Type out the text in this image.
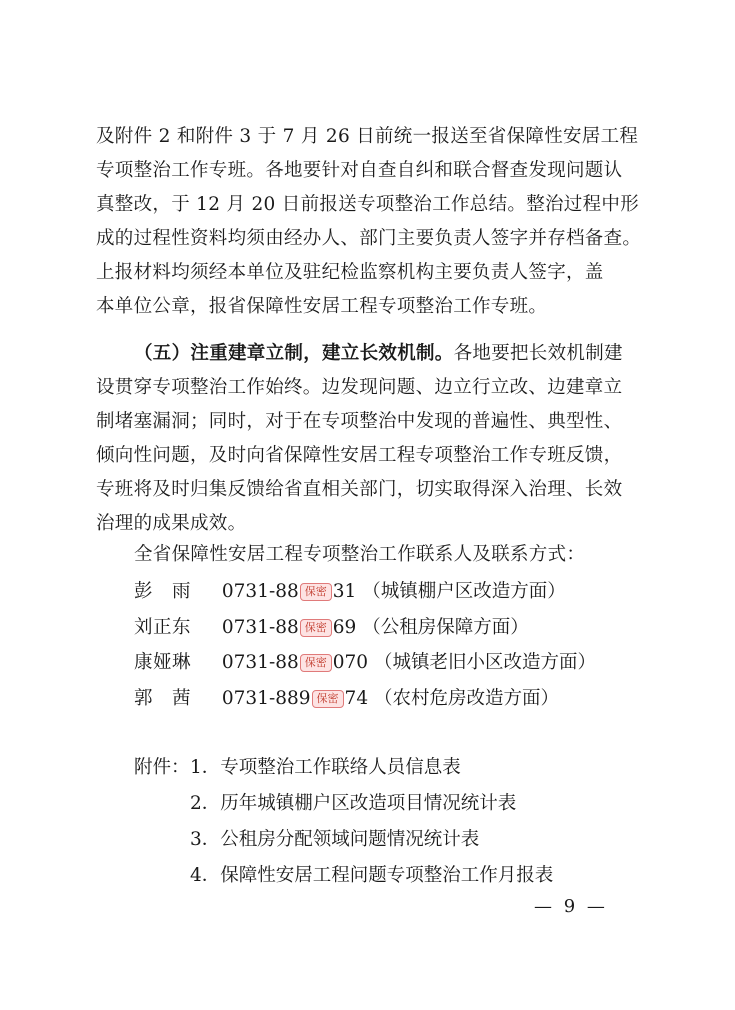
及附件 2 和附件 3 于 7 月 26 日前统一报送至省保障性安居工程
专项整治工作专班。各地要针对自查自纠和联合督查发现问题认
真整改，于 12 月 20 日前报送专项整治工作总结。整治过程中形
成的过程性资料均须由经办人、部门主要负责人签字并存档备查。
上报材料均须经本单位及驻纪检监察机构主要负责人签字，盖
本单位公章，报省保障性安居工程专项整治工作专班。
（五）注重建章立制，建立长效机制。各地要把长效机制建
设贯穿专项整治工作始终。边发现问题、边立行立改、边建章立
制堵塞漏洞；同时，对于在专项整治中发现的普遍性、典型性、
倾向性问题，及时向省保障性安居工程专项整治工作专班反馈，
专班将及时归集反馈给省直相关部门，切实取得深入治理、长效
治理的成果成效。
全省保障性安居工程专项整治工作联系人及联系方式：
彭　雨 0731-88 保密 31 （城镇棚户区改造方面）
刘正东 0731-88 保密 69 （公租房保障方面）
康娅琳 0731-88 保密 070 （城镇老旧小区改造方面）
郭　茜 0731-889 保密 74 （农村危房改造方面）
附件：1．专项整治工作联络人员信息表
2．历年城镇棚户区改造项目情况统计表
3．公租房分配领域问题情况统计表
4．保障性安居工程问题专项整治工作月报表
— 9 —
